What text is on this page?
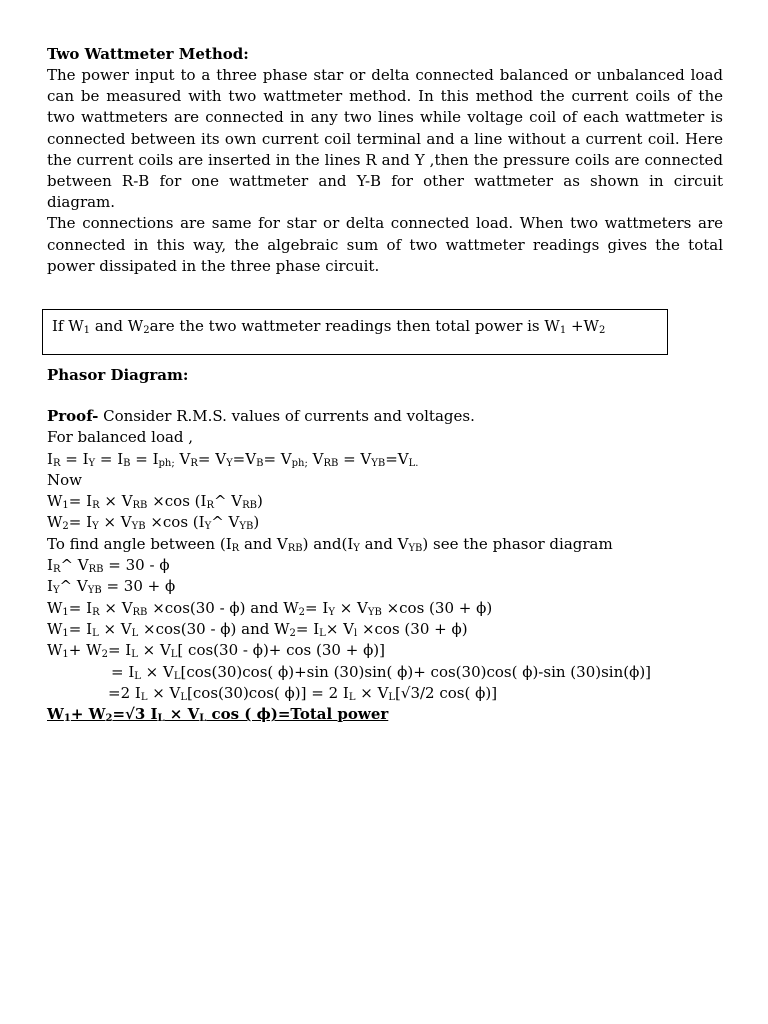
Two Wattmeter Method:

The power input to a three phase star or delta connected balanced or unbalanced load can be measured with two wattmeter method. In this method the current coils of the two wattmeters are connected in any two lines while voltage coil of each wattmeter is connected between its own current coil terminal and a line without a current coil. Here the current coils are inserted in the lines R and Y ,then the pressure coils are connected between R-B for one wattmeter and Y-B for other wattmeter as shown in circuit diagram.

The connections are same for star or delta connected load. When two wattmeters are connected in this way, the algebraic sum of two wattmeter readings gives the total power dissipated in the three phase circuit.

If $W_1$ and $W_2are$ the two wattmeter readings then total power is $W_1 +W_2$
Phasor Diagram:
Proof- Consider R.M.S. values of currents and voltages.
For balanced load ,
$I_R = I_Y = I_B = I_{ph;}$ $V_R= V_Y=V_B= V_{ph;}$ $V_{RB} = V_{YB}=V_{L.}$
Now
$W_1= I_R \times V_{RB} \times\cos$ ($I_R\^{}$ $V_{RB}$)
$W_2= I_Y \times V_{YB} \times\cos$ ($I_Y\^{}$ $V_{YB}$)
To find angle between ($I_R$ and $V_{RB}$) $and(I_Y$ and $V_{YB}$) see the phasor diagram
$I_R\^{}$ $V_{RB} = 30 - \phi$
$I_Y\^{}$ $V_{YB} = 30 + \phi$
$W_1= I_R \times V_{RB} \times\cos(30 - \phi)$ and $W_2= I_Y \times V_{YB} \times\cos$ (30 + ϕ)
$W_1= I_L \times V_L \times\cos(30 - \phi)$ and $W_2= I_L\times V_l \times\cos$ (30 + ϕ)
$W_1+ W_2= I_L \times V_L$[ cos(30 - ϕ)+ cos (30 + ϕ)]
= $I_L \times V_L[\cos(30)\cos$( ϕ)+sin (30)sin( ϕ)+ cos(30)cos( ϕ)-sin (30)sin(ϕ)]
=2 $I_L \times V_L[\cos(30)\cos$( ϕ)] = 2 $I_L \times V_L[√3/2$ cos( ϕ)]
$W_1+ W_2=√3$ $I_L \times V_L$ cos ( ϕ)=Total power
